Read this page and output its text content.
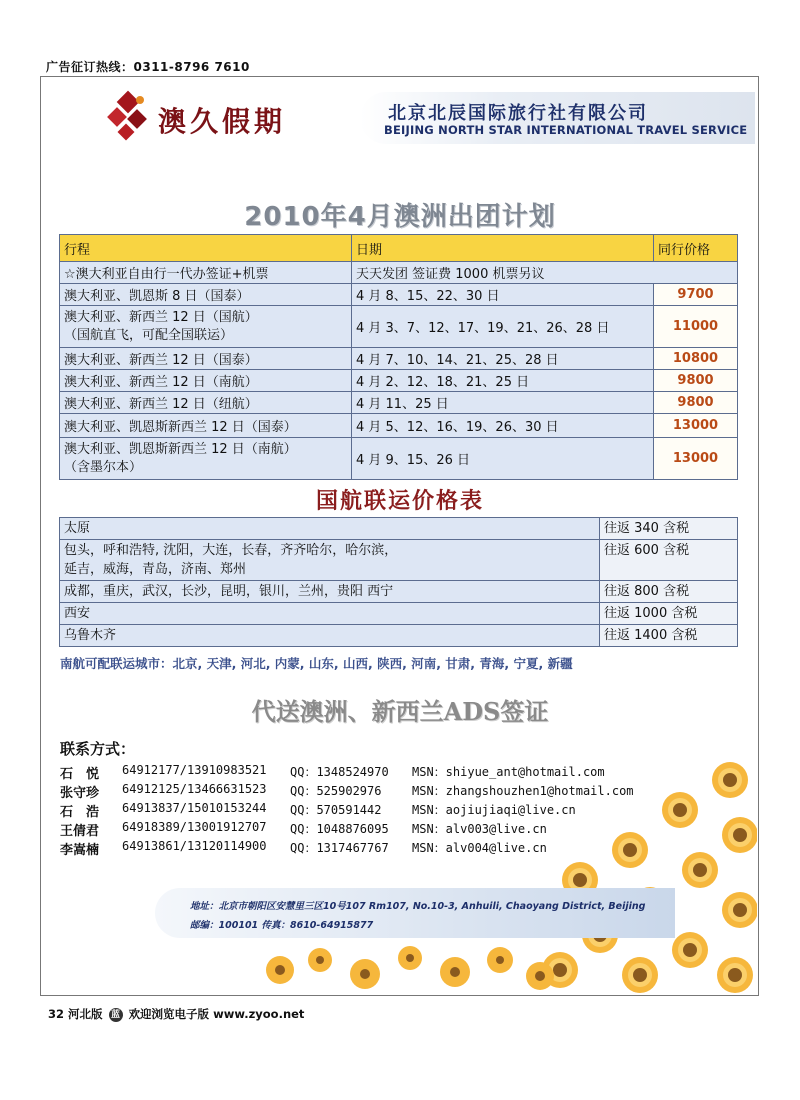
广告征订热线：0311-8796 7610
澳久假期	北京北辰国际旅行社有限公司
BEIJING NORTH STAR INTERNATIONAL TRAVEL SERVICE
2010年4月澳洲出团计划
行程	日期	同行价格
☆澳大利亚自由行一代办签证+机票	天天发团 签证费 1000 机票另议	
澳大利亚、凯恩斯 8 日（国泰）	4 月 8、15、22、30 日	9700

澳大利亚、新西兰 12 日（国航）
（国航直飞，可配全国联运）	4 月 3、7、12、17、19、21、26、28 日	11000
澳大利亚、新西兰 12 日（国泰）	4 月 7、10、14、21、25、28 日	10800
澳大利亚、新西兰 12 日（南航）	4 月 2、12、18、21、25 日	9800
澳大利亚、新西兰 12 日（纽航）	4 月 11、25 日	9800
澳大利亚、凯恩斯新西兰 12 日（国泰）	4 月 5、12、16、19、26、30 日	13000

澳大利亚、凯恩斯新西兰 12 日（南航）
（含墨尔本）	4 月 9、15、26 日	13000
国航联运价格表
太原	往返 340 含税

包头，呼和浩特, 沈阳，大连，长春，齐齐哈尔，哈尔滨，
延吉，威海，青岛，济南、郑州	往返 600 含税
成都，重庆，武汉，长沙，昆明，银川，兰州，贵阳 西宁	往返 800 含税
西安	往返 1000 含税
乌鲁木齐	往返 1400 含税
南航可配联运城市：北京, 天津, 河北, 内蒙, 山东, 山西, 陕西, 河南, 甘肃, 青海, 宁夏, 新疆
代送澳洲、新西兰ADS签证
联系方式：
石　悦 64912177/13910983521 QQ：1348524970 MSN：shiyue_ant@hotmail.com
张守珍 64912125/13466631523 QQ：525902976	MSN：zhangshouzhen1@hotmail.com
石　浩 64913837/15010153244 QQ：570591442	MSN：aojiujiaqi@live.cn
王倩君 64918389/13001912707 QQ：1048876095 MSN：alv003@live.cn
李嵩楠 64913861/13120114900 QQ：1317467767 MSN：alv004@live.cn
地址：北京市朝阳区安慧里三区10号107 Rm107, No.10-3, Anhuili, Chaoyang District, Beijing
邮编：100101 传真：8610-64915877
32 河北版 蓝 欢迎浏览电子版 www.zyoo.net
